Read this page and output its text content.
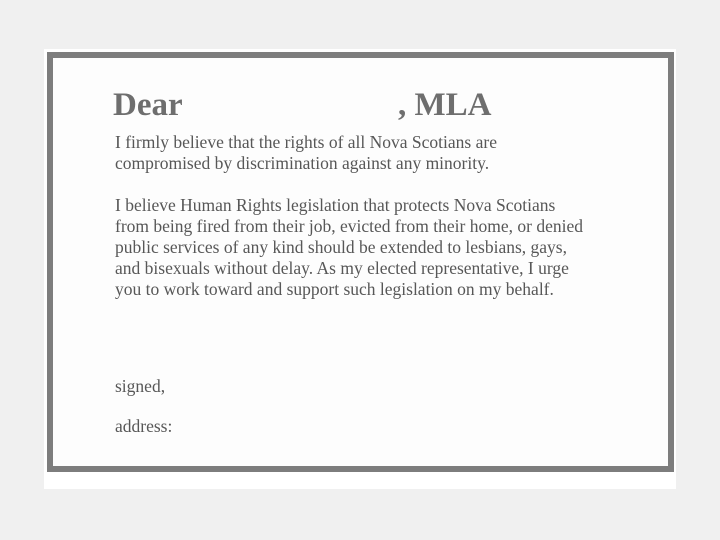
Dear	, MLA

I firmly believe that the rights of all Nova Scotians are compromised by discrimination against any minority.

I believe Human Rights legislation that protects Nova Scotians from being fired from their job, evicted from their home, or denied public services of any kind should be extended to lesbians, gays, and bisexuals without delay. As my elected representative, I urge you to work toward and support such legislation on my behalf.

signed,
address:
